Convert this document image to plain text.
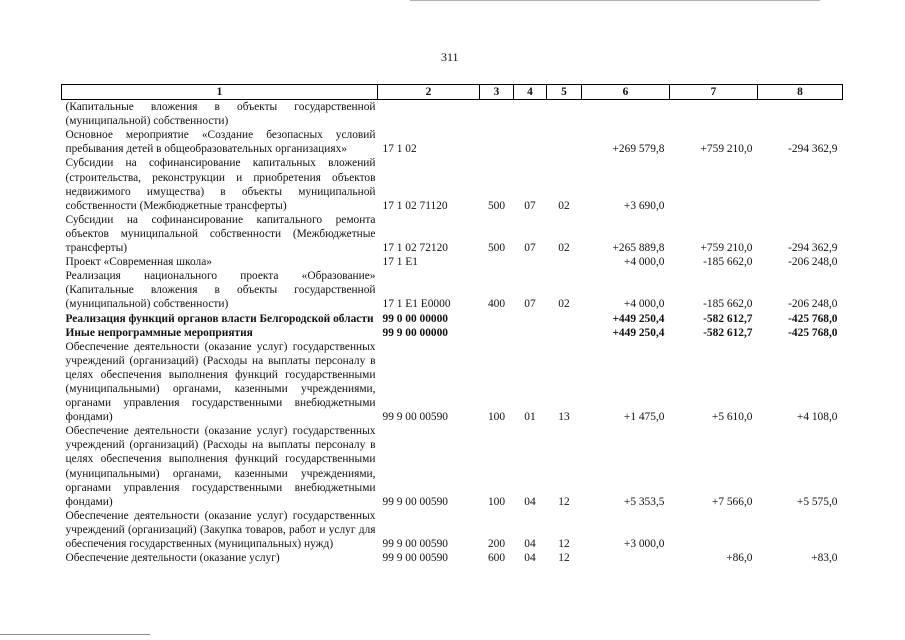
311
1	2	3	4	5	6	7	8
(Капитальные вложения в объекты государственной (муниципальной) собственности)							
Основное мероприятие «Создание безопасных условий пребывания детей в общеобразовательных организациях»	17 1 02				+269 579,8	+759 210,0	-294 362,9
Субсидии на софинансирование капитальных вложений (строительства, реконструкции и приобретения объектов недвижимого имущества) в объекты муниципальной собственности (Межбюджетные трансферты)	17 1 02 71120	500	07	02	+3 690,0		
Субсидии на софинансирование капитального ремонта объектов муниципальной собственности (Межбюджетные трансферты)	17 1 02 72120	500	07	02	+265 889,8	+759 210,0	-294 362,9
Проект «Современная школа»	17 1 E1				+4 000,0	-185 662,0	-206 248,0
Реализация национального проекта «Образование» (Капитальные вложения в объекты государственной (муниципальной) собственности)	17 1 E1 E0000	400	07	02	+4 000,0	-185 662,0	-206 248,0
Реализация функций органов власти Белгородской области	99 0 00 00000				+449 250,4	-582 612,7	-425 768,0
Иные непрограммные мероприятия	99 9 00 00000				+449 250,4	-582 612,7	-425 768,0
Обеспечение деятельности (оказание услуг) государственных учреждений (организаций) (Расходы на выплаты персоналу в целях обеспечения выполнения функций государственными (муниципальными) органами, казенными учреждениями, органами управления государственными внебюджетными фондами)	99 9 00 00590	100	01	13	+1 475,0	+5 610,0	+4 108,0
Обеспечение деятельности (оказание услуг) государственных учреждений (организаций) (Расходы на выплаты персоналу в целях обеспечения выполнения функций государственными (муниципальными) органами, казенными учреждениями, органами управления государственными внебюджетными фондами)	99 9 00 00590	100	04	12	+5 353,5	+7 566,0	+5 575,0
Обеспечение деятельности (оказание услуг) государственных учреждений (организаций) (Закупка товаров, работ и услуг для обеспечения государственных (муниципальных) нужд)	99 9 00 00590	200	04	12	+3 000,0		
Обеспечение деятельности (оказание услуг)	99 9 00 00590	600	04	12		+86,0	+83,0
